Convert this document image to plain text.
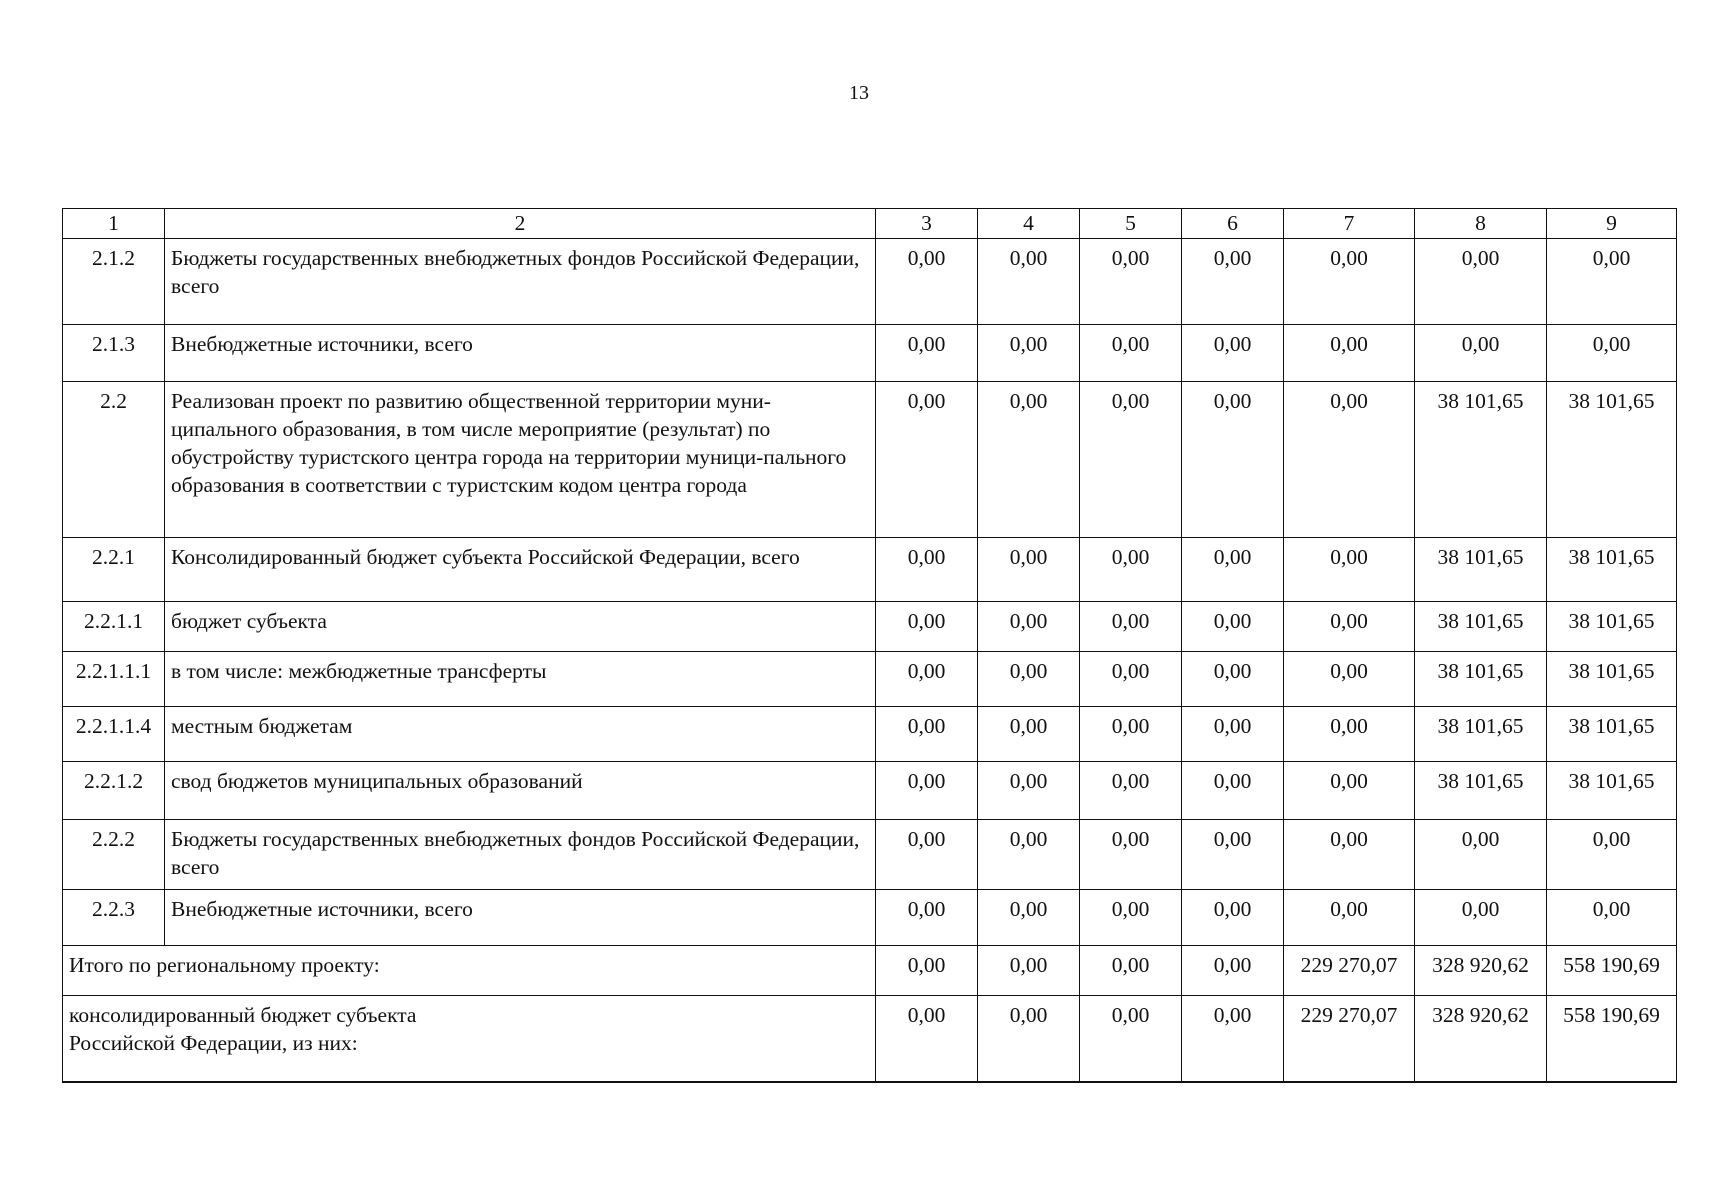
13
1	2	3	4	5	6	7	8	9
2.1.2	Бюджеты государственных внебюджетных фондов Российской Федерации, всего	0,00	0,00	0,00	0,00	0,00	0,00	0,00
2.1.3	Внебюджетные источники, всего	0,00	0,00	0,00	0,00	0,00	0,00	0,00
2.2	Реализован проект по развитию общественной территории муни-ципального образования, в том числе мероприятие (результат) по обустройству туристского центра города на территории муници-пального образования в соответствии с туристским кодом центра города	0,00	0,00	0,00	0,00	0,00	38 101,65	38 101,65
2.2.1	Консолидированный бюджет субъекта Российской Федерации, всего	0,00	0,00	0,00	0,00	0,00	38 101,65	38 101,65
2.2.1.1	бюджет субъекта	0,00	0,00	0,00	0,00	0,00	38 101,65	38 101,65
2.2.1.1.1	в том числе: межбюджетные трансферты	0,00	0,00	0,00	0,00	0,00	38 101,65	38 101,65
2.2.1.1.4	местным бюджетам	0,00	0,00	0,00	0,00	0,00	38 101,65	38 101,65
2.2.1.2	свод бюджетов муниципальных образований	0,00	0,00	0,00	0,00	0,00	38 101,65	38 101,65
2.2.2	Бюджеты государственных внебюджетных фондов Российской Федерации, всего	0,00	0,00	0,00	0,00	0,00	0,00	0,00
2.2.3	Внебюджетные источники, всего	0,00	0,00	0,00	0,00	0,00	0,00	0,00

Итого по региональному проекту:		0,00	0,00	0,00	0,00	229 270,07	328 920,62	558 190,69

консолидированный бюджет субъекта
Российской Федерации, из них:		0,00	0,00	0,00	0,00	229 270,07	328 920,62	558 190,69
